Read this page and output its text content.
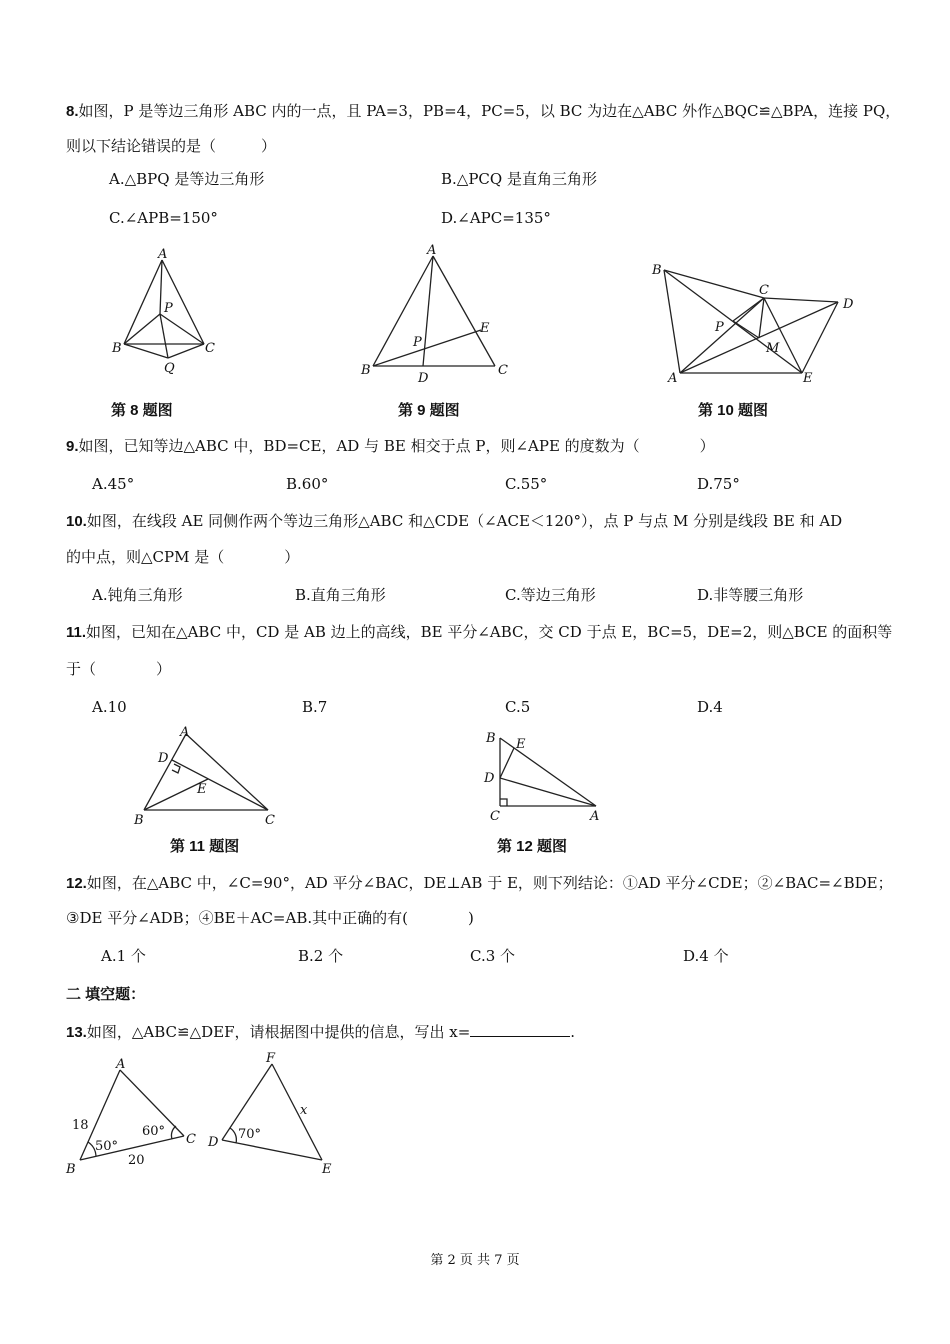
8.如图，P 是等边三角形 ABC 内的一点，且 PA=3，PB=4，PC=5，以 BC 为边在△ABC 外作△BQC≌△BPA，连接 PQ，
则以下结论错误的是（　　　）
A.△BPQ 是等边三角形	B.△PCQ 是直角三角形
C.∠APB=150°	D.∠APC=135°
A
P
B	C
Q
A
E
P
B
D
C
B
C
D
P
M
A	E
第 8 题图	第 9 题图	第 10 题图
9.如图，已知等边△ABC 中，BD=CE，AD 与 BE 相交于点 P，则∠APE 的度数为（　　　　）
A.45°	B.60°	C.55°	D.75°
10.如图，在线段 AE 同侧作两个等边三角形△ABC 和△CDE（∠ACE＜120°），点 P 与点 M 分别是线段 BE 和 AD
的中点，则△CPM 是（　　　　）
A.钝角三角形	B.直角三角形	C.等边三角形	D.非等腰三角形
11.如图，已知在△ABC 中，CD 是 AB 边上的高线，BE 平分∠ABC，交 CD 于点 E，BC=5，DE=2，则△BCE 的面积等
于（　　　　）
A.10	B.7	C.5	D.4
A
D
E
B	C
B E
D
C	A
第 11 题图	第 12 题图
12.如图，在△ABC 中，∠C=90°，AD 平分∠BAC，DE⊥AB 于 E，则下列结论：①AD 平分∠CDE；②∠BAC=∠BDE；
③DE 平分∠ADB；④BE＋AC=AB.其中正确的有(　　　　)
A.1 个	B.2 个	C.3 个	D.4 个
二 填空题：
13.如图，△ABC≌△DEF，请根据图中提供的信息，写出 x=	.
A
18
50°
60°
C
B
20
F
x
D
70°
E
第 2 页 共 7 页
